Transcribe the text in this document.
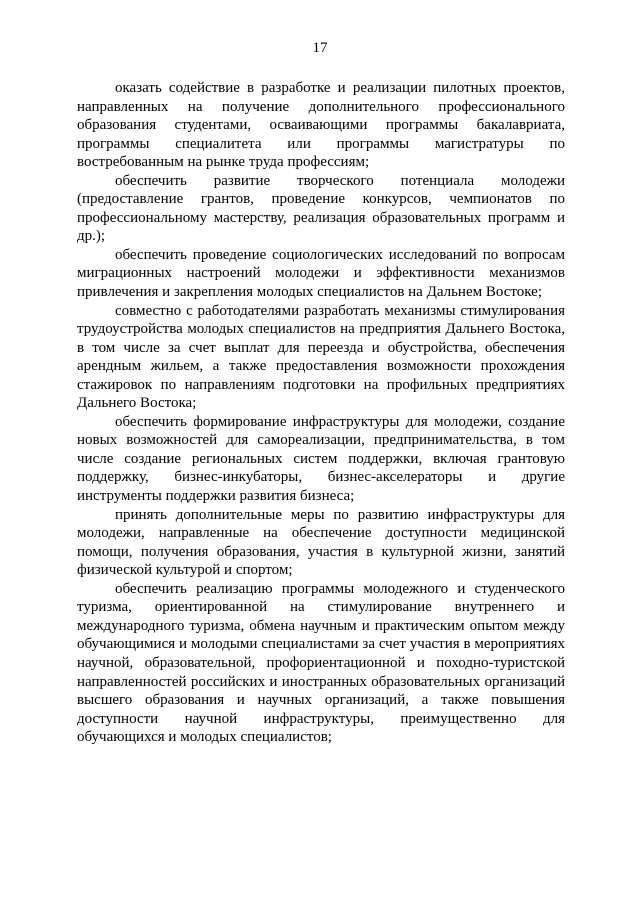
17

оказать содействие в разработке и реализации пилотных проектов, направленных на получение дополнительного профессионального образования студентами, осваивающими программы бакалавриата, программы специалитета или программы магистратуры по востребованным на рынке труда профессиям;

обеспечить развитие творческого потенциала молодежи (предоставление грантов, проведение конкурсов, чемпионатов по профессиональному мастерству, реализация образовательных программ и др.);

обеспечить проведение социологических исследований по вопросам миграционных настроений молодежи и эффективности механизмов привлечения и закрепления молодых специалистов на Дальнем Востоке;

совместно с работодателями разработать механизмы стимулирования трудоустройства молодых специалистов на предприятия Дальнего Востока, в том числе за счет выплат для переезда и обустройства, обеспечения арендным жильем, а также предоставления возможности прохождения стажировок по направлениям подготовки на профильных предприятиях Дальнего Востока;

обеспечить формирование инфраструктуры для молодежи, создание новых возможностей для самореализации, предпринимательства, в том числе создание региональных систем поддержки, включая грантовую поддержку, бизнес-инкубаторы, бизнес-акселераторы и другие инструменты поддержки развития бизнеса;

принять дополнительные меры по развитию инфраструктуры для молодежи, направленные на обеспечение доступности медицинской помощи, получения образования, участия в культурной жизни, занятий физической культурой и спортом;

обеспечить реализацию программы молодежного и студенческого туризма, ориентированной на стимулирование внутреннего и международного туризма, обмена научным и практическим опытом между обучающимися и молодыми специалистами за счет участия в мероприятиях научной, образовательной, профориентационной и походно-туристской направленностей российских и иностранных образовательных организаций высшего образования и научных организаций, а также повышения доступности научной инфраструктуры, преимущественно для обучающихся и молодых специалистов;
